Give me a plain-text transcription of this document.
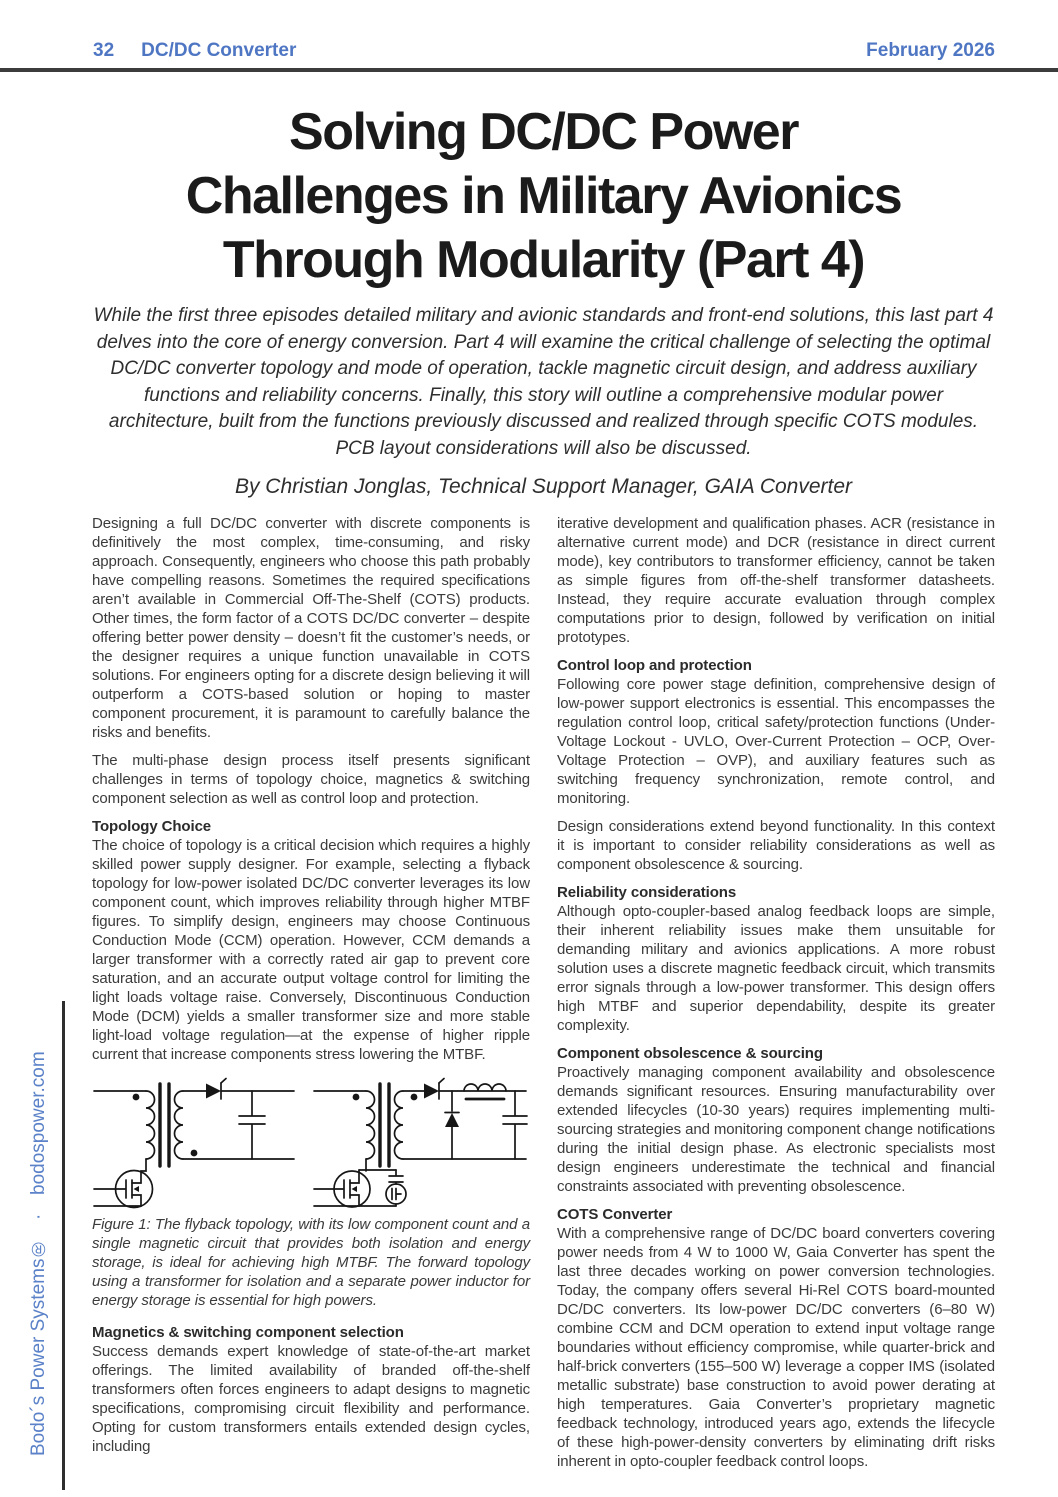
32 DC/DC Converter	February 2026
Bodo´s Power Systems®
·
bodospower.com
Solving DC/DC Power
Challenges in Military Avionics
Through Modularity (Part 4)
While the first three episodes detailed military and avionic standards and front-end solutions, this last part 4 delves into the core of energy conversion. Part 4 will examine the critical challenge of selecting the optimal DC/DC converter topology and mode of operation, tackle magnetic circuit design, and address auxiliary functions and reliability concerns. Finally, this story will outline a comprehensive modular power architecture, built from the functions previously discussed and realized through specific COTS modules. PCB layout considerations will also be discussed.
By Christian Jonglas, Technical Support Manager, GAIA Converter

Designing a full DC/DC converter with discrete components is definitively the most complex, time-consuming, and risky approach. Consequently, engineers who choose this path probably have compelling reasons. Sometimes the required specifications aren’t available in Commercial Off-The-Shelf (COTS) products. Other times, the form factor of a COTS DC/DC converter – despite offering better power density – doesn’t fit the customer’s needs, or the designer requires a unique function unavailable in COTS solutions. For engineers opting for a discrete design believing it will outperform a COTS-based solution or hoping to master component procurement, it is paramount to carefully balance the risks and benefits.

The multi-phase design process itself presents significant challenges in terms of topology choice, magnetics & switching component selection as well as control loop and protection.

Topology Choice

The choice of topology is a critical decision which requires a highly skilled power supply designer. For example, selecting a flyback topology for low-power isolated DC/DC converter leverages its low component count, which improves reliability through higher MTBF figures. To simplify design, engineers may choose Continuous Conduction Mode (CCM) operation. However, CCM demands a larger transformer with a correctly rated air gap to prevent core saturation, and an accurate output voltage control for limiting the light loads voltage raise. Conversely, Discontinuous Conduction Mode (DCM) yields a smaller transformer size and more stable light-load voltage regulation—at the expense of higher ripple current that increase components stress lowering the MTBF.

Figure 1: The flyback topology, with its low component count and a single magnetic circuit that provides both isolation and energy storage, is ideal for achieving high MTBF. The forward topology using a transformer for isolation and a separate power inductor for energy storage is essential for high powers.

Magnetics & switching component selection

Success demands expert knowledge of state-of-the-art market offerings. The limited availability of branded off-the-shelf transformers often forces engineers to adapt designs to magnetic specifications, compromising circuit flexibility and performance. Opting for custom transformers entails extended design cycles, including

iterative development and qualification phases. ACR (resistance in alternative current mode) and DCR (resistance in direct current mode), key contributors to transformer efficiency, cannot be taken as simple figures from off-the-shelf transformer datasheets. Instead, they require accurate evaluation through complex computations prior to design, followed by verification on initial prototypes.

Control loop and protection

Following core power stage definition, comprehensive design of low-power support electronics is essential. This encompasses the regulation control loop, critical safety/protection functions (Under-Voltage Lockout - UVLO, Over-Current Protection – OCP, Over-Voltage Protection – OVP), and auxiliary features such as switching frequency synchronization, remote control, and monitoring.

Design considerations extend beyond functionality. In this context it is important to consider reliability considerations as well as component obsolescence & sourcing.

Reliability considerations

Although opto-coupler-based analog feedback loops are simple, their inherent reliability issues make them unsuitable for demanding military and avionics applications. A more robust solution uses a discrete magnetic feedback circuit, which transmits error signals through a low-power transformer. This design offers high MTBF and superior dependability, despite its greater complexity.

Component obsolescence & sourcing

Proactively managing component availability and obsolescence demands significant resources. Ensuring manufacturability over extended lifecycles (10-30 years) requires implementing multi-sourcing strategies and monitoring component change notifications during the initial design phase. As electronic specialists most design engineers underestimate the technical and financial constraints associated with preventing obsolescence.

COTS Converter

With a comprehensive range of DC/DC board converters covering power needs from 4 W to 1000 W, Gaia Converter has spent the last three decades working on power conversion technologies. Today, the company offers several Hi-Rel COTS board-mounted DC/DC converters. Its low-power DC/DC converters (6–80 W) combine CCM and DCM operation to extend input voltage range boundaries without efficiency compromise, while quarter-brick and half-brick converters (155–500 W) leverage a copper IMS (isolated metallic substrate) base construction to avoid power derating at high temperatures. Gaia Converter’s proprietary magnetic feedback technology, introduced years ago, extends the lifecycle of these high-power-density converters by eliminating drift risks inherent in opto-coupler feedback control loops.
